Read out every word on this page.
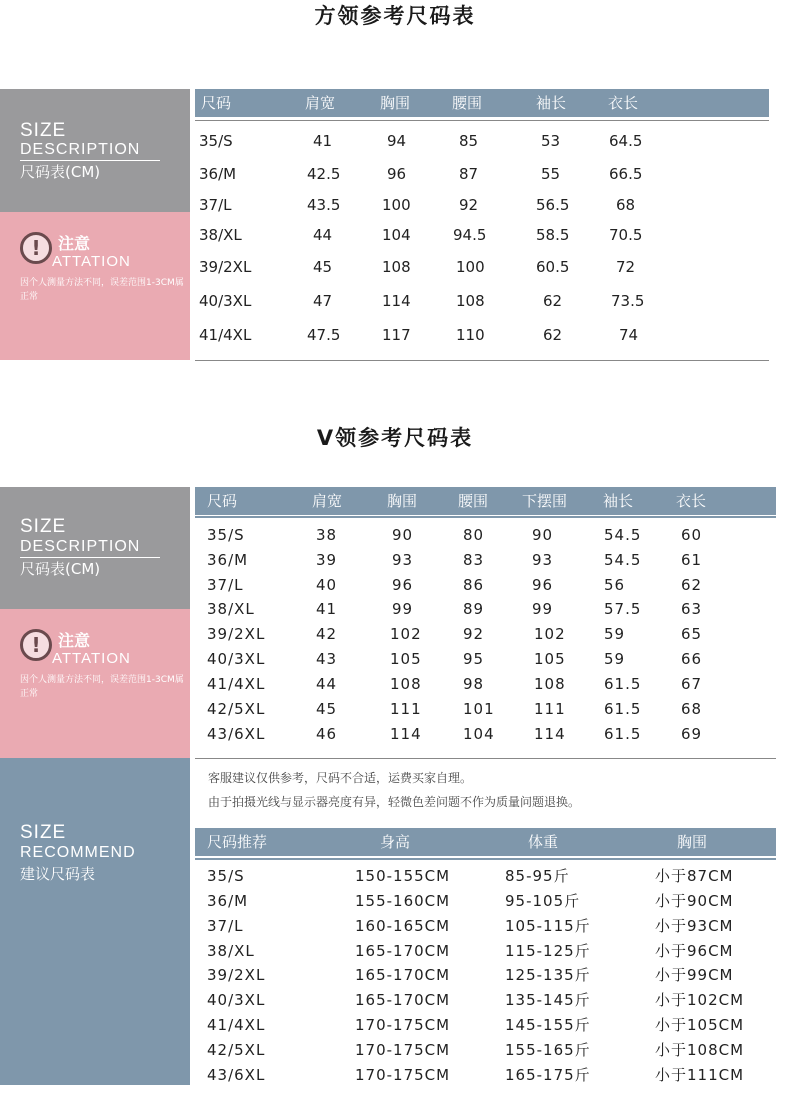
方领参考尺码表
SIZE
DESCRIPTION
尺码表(CM)
!	注意
ATTATION
因个人测量方法不同，误差范围1-3CM属正常
尺码	肩宽	胸围	腰围	袖长	衣长
35/S	41	94	85	53	64.5
36/M	42.5	96	87	55	66.5
37/L	43.5	100	92	56.5	68
38/XL	44	104	94.5	58.5	70.5
39/2XL	45	108	100	60.5	72
40/3XL	47	114	108	62	73.5
41/4XL	47.5	117	110	62	74
V领参考尺码表
SIZE
DESCRIPTION
尺码表(CM)
!	注意
ATTATION
因个人测量方法不同，误差范围1-3CM属正常
尺码	肩宽	胸围	腰围 下摆围 袖长	衣长
35/S	38	90	80	90	54.5	60
36/M	39	93	83	93	54.5	61
37/L	40	96	86	96	56	62
38/XL	41	99	89	99	57.5	63
39/2XL	42	102	92	102	59	65
40/3XL	43	105	95	105	59	66
41/4XL	44	108	98	108	61.5	67
42/5XL	45	111	101	111	61.5	68
43/6XL	46	114	104	114	61.5	69
客服建议仅供参考，尺码不合适，运费买家自理。
由于拍摄光线与显示器亮度有异，轻微色差问题不作为质量问题退换。
SIZE
RECOMMEND
建议尺码表
尺码推荐	身高	体重	胸围
35/S	150-155CM	85-95斤	小于87CM
36/M	155-160CM	95-105斤	小于90CM
37/L	160-165CM	105-115斤	小于93CM
38/XL	165-170CM	115-125斤	小于96CM
39/2XL	165-170CM	125-135斤	小于99CM
40/3XL	165-170CM	135-145斤	小于102CM
41/4XL	170-175CM	145-155斤	小于105CM
42/5XL	170-175CM	155-165斤	小于108CM
43/6XL	170-175CM	165-175斤	小于111CM
